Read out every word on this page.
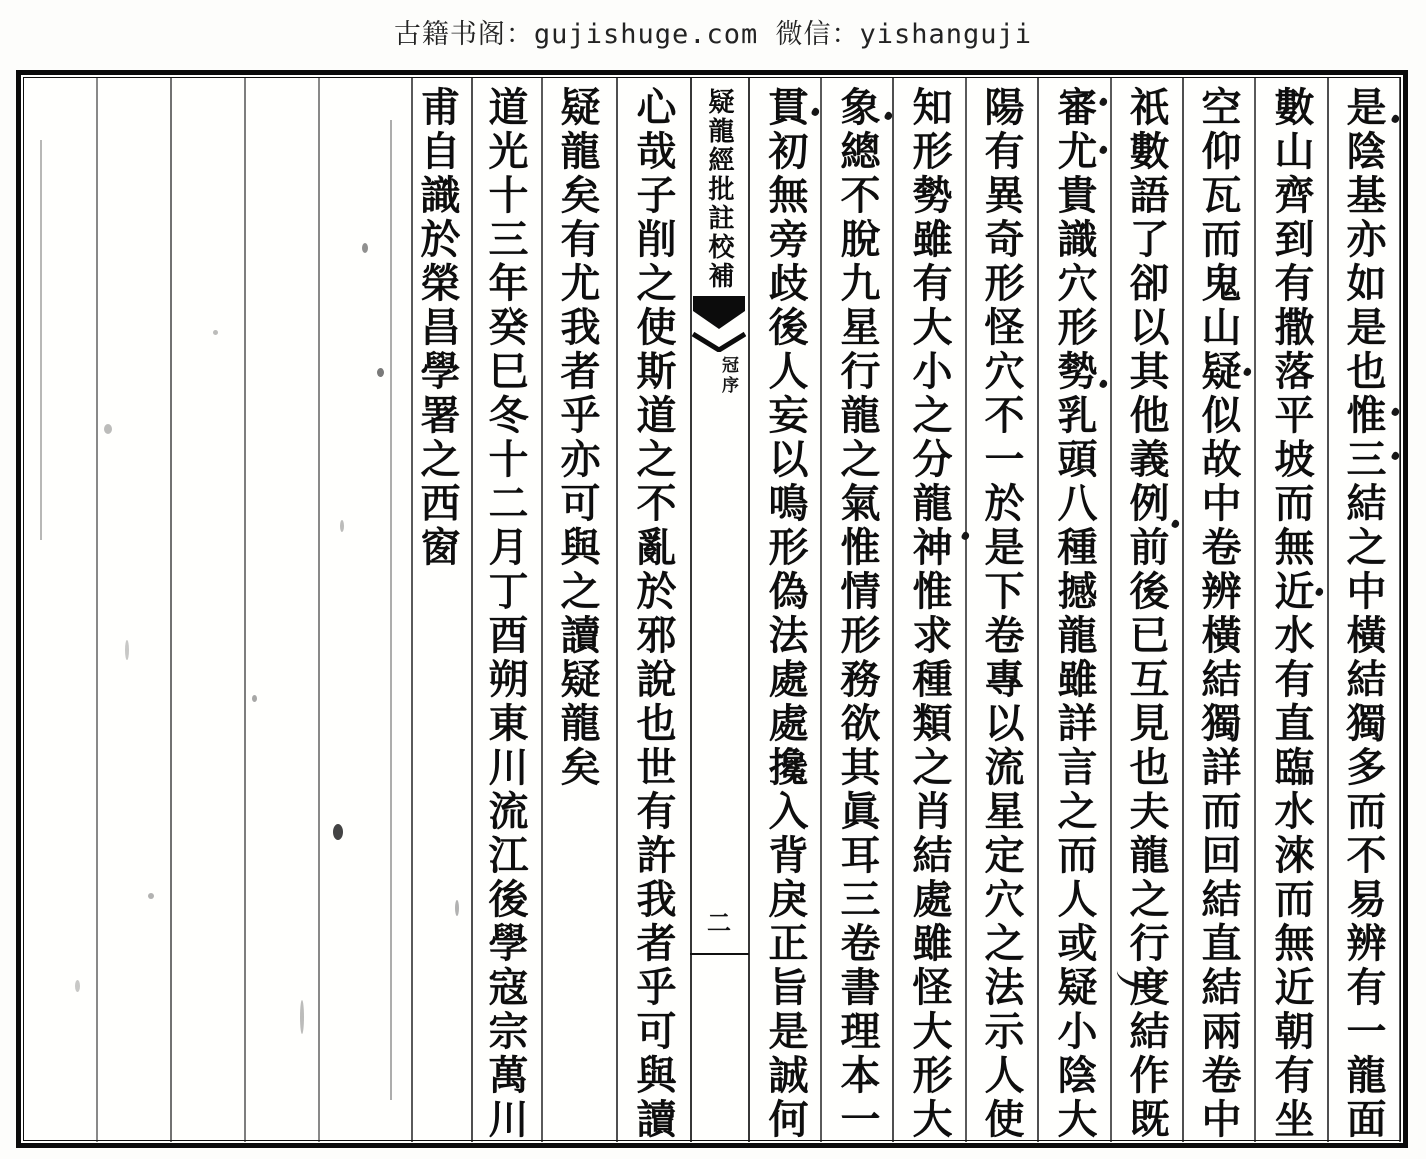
古籍书阁：gujishuge.com 微信：yishanguji
是陰基亦如是也惟三結之中橫結獨多而不易辨有一龍面
數山齊到有撒落平坡而無近水有直臨水淶而無近朝有坐
空仰瓦而鬼山疑似故中卷辨橫結獨詳而回結直結兩卷中
祇數語了卻以其他義例前後已互見也夫龍之行度結作既
審尤貴識穴形勢乳頭八種撼龍雖詳言之而人或疑小陰大
陽有異奇形怪穴不一於是下卷專以流星定穴之法示人使
知形勢雖有大小之分龍神惟求種類之肖結處雖怪大形大
象總不脫九星行龍之氣惟情形務欲其眞耳三卷書理本一
貫初無旁歧後人妄以鳴形偽法處處攙入背戾正旨是誠何
心哉子削之使斯道之不亂於邪說也世有許我者乎可與讀
疑龍矣有尤我者乎亦可與之讀疑龍矣
道光十三年癸巳冬十二月丁酉朔東川流江後學寇宗萬川
甫自識於榮昌學署之西窗	疑龍經批註校補
冠序
二
